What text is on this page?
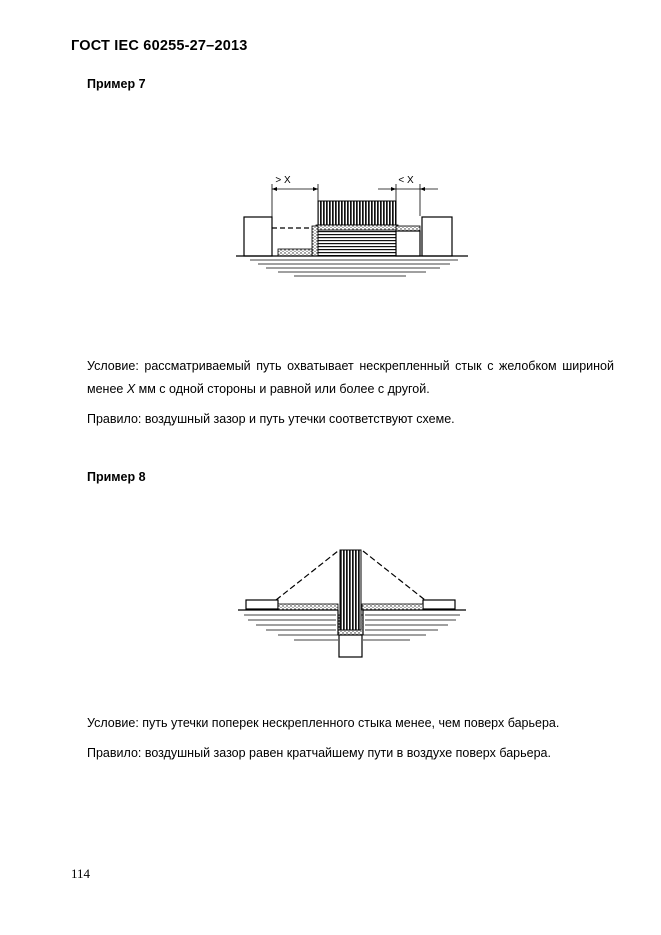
ГОСТ IEC 60255-27–2013
Пример 7
> X	< X
Условие: рассматриваемый путь охватывает нескрепленный стык с желобком шириной менее X мм с одной стороны и равной или более с другой.
Правило: воздушный зазор и путь утечки соответствуют схеме.
Пример 8
Условие: путь утечки поперек нескрепленного стыка менее, чем поверх барьера.
Правило: воздушный зазор равен кратчайшему пути в воздухе поверх барьера.
114
